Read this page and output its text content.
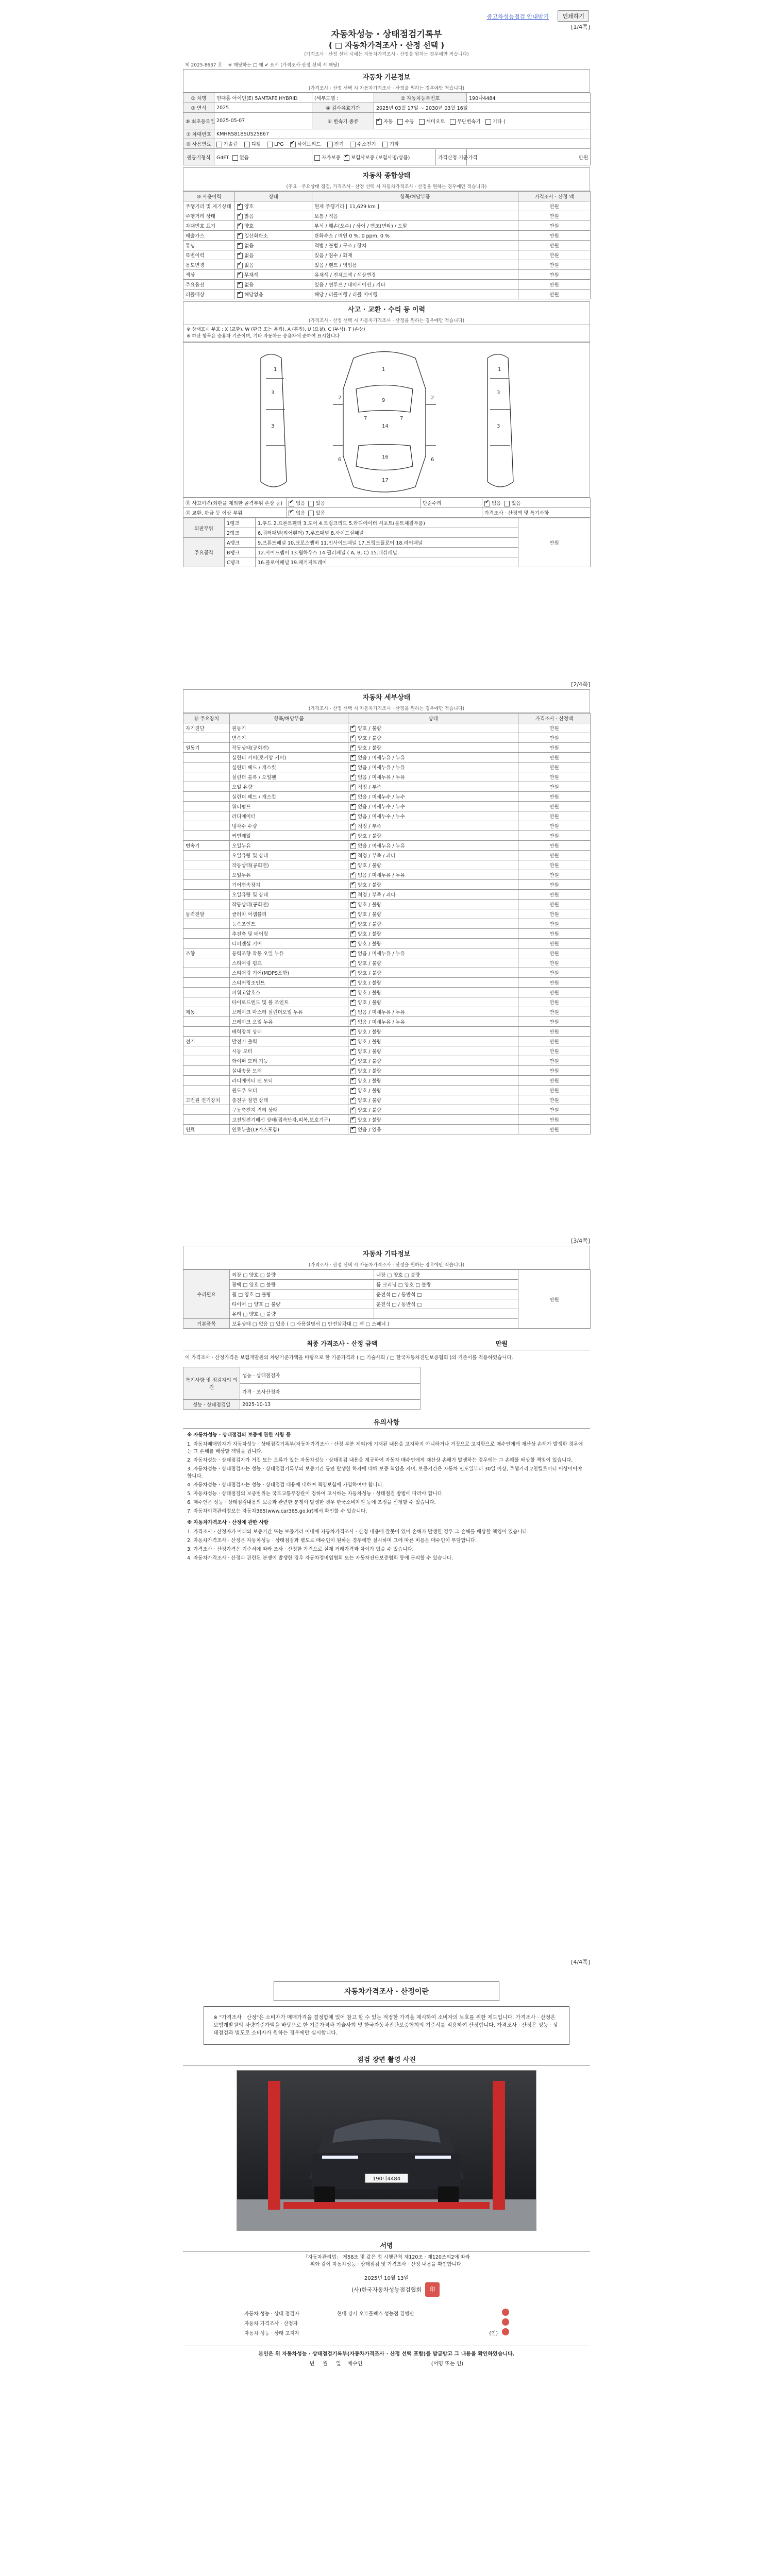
중고차성능점검 안내받기	인쇄하기
[1/4쪽]
자동차성능 · 상태점검기록부
( □ 자동차가격조사 · 산정 선택 )
(가격조사 · 산정 선택 시에는 자동차가격조사 · 산정을 원하는 경우에만 적습니다)
제 2025-8637 호    ※ 해당하는 □ 에 ✔ 표시 (가격조사·산정 선택 시 해당)
자동차 기본정보
(가격조사 · 산정 선택 시 자동차가격조사 · 산정을 원하는 경우에만 적습니다)
① 차명	현대홈 아이언(E) 5AMTAFE HYBRID	(세부모델 :	② 자동차등록번호		190나4484
③ 연식	2025	④ 검사유효기간	2025년 03월 17일 ~ 2030년 03월 16일		
⑤ 최초등록일	2025-05-07	⑥ 변속기 종류	✔자동 수동 세미오토 무단변속기 기타 (
⑦ 차대번호	KMHRS81BSUS25867				
⑧ 사용연료	가솔린 디젤 LPG ✔ 하이브리드 전기 수소전기 기타
원동기형식	G4FT 없음	자가보증 ✔ 보험사보증 (보험사명/상품)		가격산정 기준가격	만원
자동차 종합상태
(주요 · 주요상태 점검, 가격조사 · 산정 선택 시 자동차가격조사 · 산정을 원하는 경우에만 적습니다)
⑩ 사용이력	상태	항목/해당부품	가격조사 · 산정 액
주행거리 및 계기상태	✔양호	현재 주행거리 [ 11,629 km ]	만원
주행거리 상태	✔많음	보통 / 적음	만원
차대번호 표기	✔양호	부식 / 훼손(오손) / 상이 / 변조(변타) / 도말	만원
배출가스	✔일산화탄소	탄화수소 / 매연 0 %, 0 ppm, 0 %	만원
튜닝	✔없음	적법 / 불법 / 구조 / 장치	만원
특별이력	✔없음	있음 / 침수 / 화재	만원
용도변경	✔없음	있음 / 렌트 / 영업용	만원
색상	✔무채색	유채색 / 전체도색 / 색상변경	만원
주요옵션	✔없음	있음 / 썬루프 / 내비게이션 / 기타	만원
리콜대상	✔해당없음	해당 / 리콜이행 / 리콜 미이행	만원
사고 · 교환 · 수리 등 이력
(가격조사 · 산정 선택 시 자동차가격조사 · 산정을 원하는 경우에만 적습니다)
※ 상태표시 부호 : X (교환), W (판금 또는 용접), A (흠집), U (요철), C (부식), T (손상)
※ 하단 항목은 승용차 기준이며, 기타 자동차는 승용차에 준하여 표시합니다
1
3
3
1
9
14
7	7
16
17
1
3
3
2	2
6	6
⑪ 사고이력(외판을 제외한 골격부위 손상 등)	✔없음 있음	단순수리	✔없음 있음
⑫ 교환, 판금 등 이상 부위	✔없음 있음		가격조사 · 산정액 및 특기사항
외판부위	1랭크	1.후드 2.프론트휀더 3.도어 4.트렁크리드 5.라디에이터 서포트(볼트체결부품)	만원
	2랭크	6.쿼터패널(리어휀더) 7.루프패널 8.사이드실패널	
주요골격	A랭크	9.프론트패널 10.크로스멤버 11.인사이드패널 17.트렁크플로어 18.리어패널	
	B랭크	12.사이드멤버 13.휠하우스 14.필러패널 ( A, B, C) 15.대쉬패널	
	C랭크	16.플로어패널 19.패키지트레이	
[2/4쪽]
자동차 세부상태
(가격조사 · 산정 선택 시 자동차가격조사 · 산정을 원하는 경우에만 적습니다)
⑬ 주요장치	항목/해당부품	상태	가격조사 · 산정액
자기진단	원동기	✔양호 / 불량	만원
	변속기	✔양호 / 불량	만원
원동기	작동상태(공회전)	✔양호 / 불량	만원
	실린더 커버(로커암 커버)	✔없음 / 미세누유 / 누유	만원
	실린더 헤드 / 개스킷	✔없음 / 미세누유 / 누유	만원
	실린더 블록 / 오일팬	✔없음 / 미세누유 / 누유	만원
	오일 유량	✔적정 / 부족	만원
	실린더 헤드 / 개스킷	✔없음 / 미세누수 / 누수	만원
	워터펌프	✔없음 / 미세누수 / 누수	만원
	라디에이터	✔없음 / 미세누수 / 누수	만원
	냉각수 수량	✔적정 / 부족	만원
	커먼레일	✔양호 / 불량	만원
변속기	오일누유	✔없음 / 미세누유 / 누유	만원
	오일유량 및 상태	✔적정 / 부족 / 과다	만원
	작동상태(공회전)	✔양호 / 불량	만원
	오일누유	✔없음 / 미세누유 / 누유	만원
	기어변속장치	✔양호 / 불량	만원
	오일유량 및 상태	✔적정 / 부족 / 과다	만원
	작동상태(공회전)	✔양호 / 불량	만원
동력전달	클러치 어셈블리	✔양호 / 불량	만원
	등속조인트	✔양호 / 불량	만원
	추진축 및 베어링	✔양호 / 불량	만원
	디퍼렌셜 기어	✔양호 / 불량	만원
조향	동력조향 작동 오일 누유	✔없음 / 미세누유 / 누유	만원
	스티어링 펌프	✔양호 / 불량	만원
	스티어링 기어(MDPS포함)	✔양호 / 불량	만원
	스티어링조인트	✔양호 / 불량	만원
	파워고압호스	✔양호 / 불량	만원
	타이로드엔드 및 볼 조인트	✔양호 / 불량	만원
제동	브레이크 마스터 실린더오일 누유	✔없음 / 미세누유 / 누유	만원
	브레이크 오일 누유	✔없음 / 미세누유 / 누유	만원
	배력장치 상태	✔양호 / 불량	만원
전기	발전기 출력	✔양호 / 불량	만원
	시동 모터	✔양호 / 불량	만원
	와이퍼 모터 기능	✔양호 / 불량	만원
	실내송풍 모터	✔양호 / 불량	만원
	라디에이터 팬 모터	✔양호 / 불량	만원
	윈도우 모터	✔양호 / 불량	만원
고전원 전기장치	충전구 절연 상태	✔양호 / 불량	만원
	구동축전지 격리 상태	✔양호 / 불량	만원
	고전원전기배선 상태(접속단자,피복,보호기구)	✔양호 / 불량	만원
연료	연료누출(LP가스포함)	✔없음 / 있음	만원
[3/4쪽]
자동차 기타정보
(가격조사 · 산정 선택 시 자동차가격조사 · 산정을 원하는 경우에만 적습니다)
수리필요	외장 □ 양호 □ 불량	내장 □ 양호 □ 불량	만원
	광택 □ 양호 □ 불량	룸 크리닝 □ 양호 □ 불량	
	휠 □ 양호 □ 불량	운전석 □ / 동반석 □	
	타이어 □ 양호 □ 불량	운전석 □ / 동반석 □	
	유리 □ 양호 □ 불량		
기본품목	보유상태 □ 없음 □ 있음 ( □ 사용설명서 □ 안전삼각대 □ 잭 □ 스패너 )		
최종 가격조사 · 산정 금액	만원
이 가격조사 · 산정가격은 보험개발원의 차량기준가액을 바탕으로 한 기준가격과 ( □ 기술사회 / □ 한국자동차진단보증협회 )의 기준서를 적용하였습니다.
특기사항 및 점검자의 의견	성능 · 상태점검자
	가격 · 조사산정자
성능 · 상태점검일	2025-10-13
유의사항
※ 자동차성능 · 상태점검의 보증에 관한 사항 등
1. 자동차매매업자가 자동차성능 · 상태점검기록부(자동차가격조사 · 산정 부분 제외)에 기재된 내용을 고지하지 아니하거나 거짓으로 고지함으로 매수인에게 재산상 손해가 발생한 경우에는 그 손해를 배상할 책임을 집니다.
2. 자동차성능 · 상태점검자가 거짓 또는 오류가 있는 자동차성능 · 상태점검 내용을 제공하여 자동차 매수인에게 재산상 손해가 발생하는 경우에는 그 손해를 배상할 책임이 있습니다.
3. 자동차성능 · 상태점검자는 성능 · 상태점검기록부의 보증기간 동안 발생한 하자에 대해 보증 책임을 지며, 보증기간은 자동차 인도일부터 30일 이상, 주행거리 2천킬로미터 이상이어야 합니다.
4. 자동차성능 · 상태점검자는 성능 · 상태점검 내용에 대하여 책임보험에 가입하여야 합니다.
5. 자동차성능 · 상태점검의 보증범위는 국토교통부장관이 정하여 고시하는 자동차성능 · 상태점검 방법에 따라야 합니다.
6. 매수인은 성능 · 상태점검내용의 보증과 관련한 분쟁이 발생한 경우 한국소비자원 등에 조정을 신청할 수 있습니다.
7. 자동차이력관리정보는 자동차365(www.car365.go.kr)에서 확인할 수 있습니다.
※ 자동차가격조사 · 산정에 관한 사항
1. 가격조사 · 산정자가 아래의 보증기간 또는 보증거리 이내에 자동차가격조사 · 산정 내용에 잘못이 있어 손해가 발생한 경우 그 손해를 배상할 책임이 있습니다.
2. 자동차가격조사 · 산정은 자동차성능 · 상태점검과 별도로 매수인이 원하는 경우에만 실시하며 그에 따른 비용은 매수인이 부담합니다.
3. 가격조사 · 산정가격은 기준서에 따라 조사 · 산정한 가격으로 실제 거래가격과 차이가 있을 수 있습니다.
4. 자동차가격조사 · 산정과 관련된 분쟁이 발생한 경우 자동차정비업협회 또는 자동차진단보증협회 등에 문의할 수 있습니다.
[4/4쪽]
자동차가격조사 · 산정이란
※ "가격조사 · 산정"은 소비자가 매매가격을 결정함에 있어 참고 할 수 있는 적정한 가격을 제시하여 소비자의 보호를 위한 제도입니다. 가격조사 · 산정은 보험개발원의 차량기준가액을 바탕으로 한 기준가격과 기술사회 및 한국자동차진단보증협회의 기준서를 적용하여 산정합니다. 가격조사 · 산정은 성능 · 상태점검과 별도로 소비자가 원하는 경우에만 실시합니다.
점검 장면 촬영 사진
190나4484
서명
「자동차관리법」 제58조 및 같은 법 시행규칙 제120조 · 제120조의2에 따라
위와 같이 자동차성능 · 상태점검 및 가격조사 · 산정 내용을 확인합니다.
2025년 10월 13일
(사)한국자동차성능점검협회	印
자동차 성능 · 상태 점검자	현대 강서 오토플렉스 성능점 김병만	
자동차 가격조사 · 산정자		
자동차 성능 · 상태 고지자	(인)	
본인은 위 자동차성능 · 상태점검기록부(자동차가격조사 · 산정 선택 포함)를 발급받고 그 내용을 확인하였습니다.
년     월     일    매수인                                          (서명 또는 인)
